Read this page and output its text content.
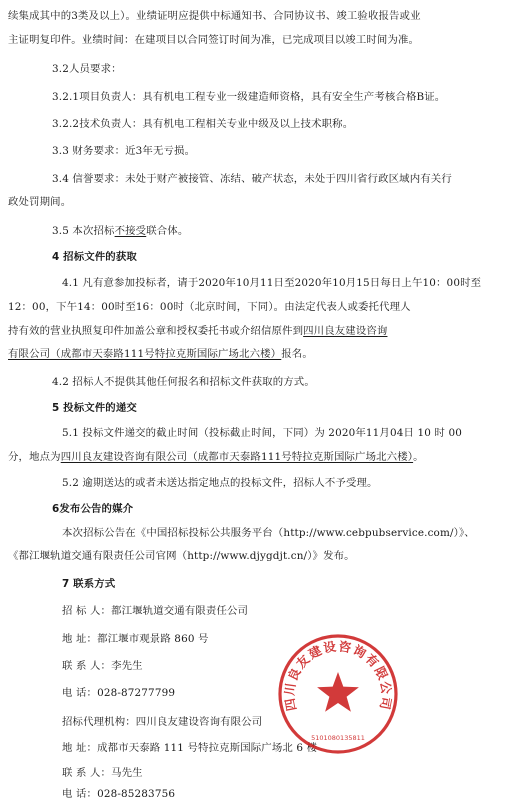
续集成其中的3类及以上）。业绩证明应提供中标通知书、合同协议书、竣工验收报告或业
主证明复印件。业绩时间：在建项目以合同签订时间为准，已完成项目以竣工时间为准。
3.2人员要求：
3.2.1项目负责人：具有机电工程专业一级建造师资格，具有安全生产考核合格B证。
3.2.2技术负责人：具有机电工程相关专业中级及以上技术职称。
3.3 财务要求：近3年无亏损。
3.4 信誉要求：未处于财产被接管、冻结、破产状态，未处于四川省行政区域内有关行
政处罚期间。
3.5 本次招标不接受联合体。
4 招标文件的获取
4.1 凡有意参加投标者，请于2020年10月11日至2020年10月15日每日上午10：00时至
12：00，下午14：00时至16：00时（北京时间，下同）。由法定代表人或委托代理人
持有效的营业执照复印件加盖公章和授权委托书或介绍信原件到四川良友建设咨询
有限公司（成都市天泰路111号特拉克斯国际广场北六楼）报名。
4.2 招标人不提供其他任何报名和招标文件获取的方式。
5 投标文件的递交
5.1 投标文件递交的截止时间（投标截止时间，下同）为 2020年11月04日 10 时 00
分，地点为四川良友建设咨询有限公司（成都市天泰路111号特拉克斯国际广场北六楼）。
5.2 逾期送达的或者未送达指定地点的投标文件，招标人不予受理。
6发布公告的媒介
本次招标公告在《中国招标投标公共服务平台（http://www.cebpubservice.com/）》、
《都江堰轨道交通有限责任公司官网（http://www.djygdjt.cn/）》发布。
7 联系方式
招 标 人：都江堰轨道交通有限责任公司
地 址：都江堰市观景路 860 号
联 系 人：李先生
电 话：028-87277799
招标代理机构：四川良友建设咨询有限公司
地 址：成都市天泰路 111 号特拉克斯国际广场北 6 楼
联 系 人：马先生
电 话：028-85283756
四川良友建设咨询有限公司
5101080135811
